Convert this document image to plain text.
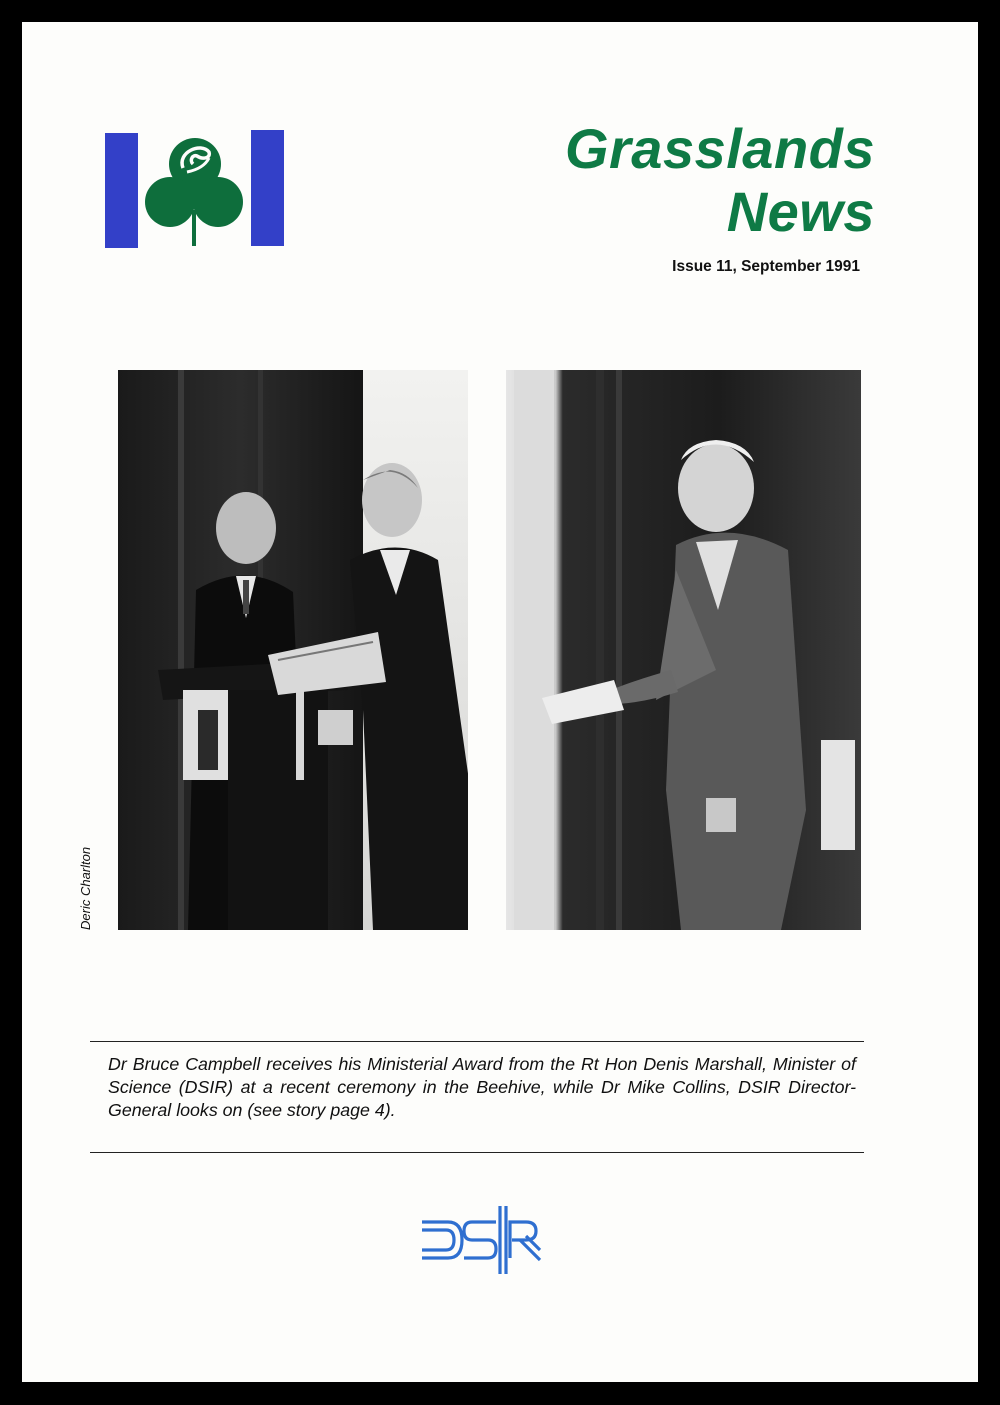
Grasslands
News
Issue 11, September 1991
Deric Charlton
Dr Bruce Campbell receives his Ministerial Award from the Rt Hon Denis Marshall, Minister of Science (DSIR) at a recent ceremony in the Beehive, while Dr Mike Collins, DSIR Director-General looks on (see story page 4).
